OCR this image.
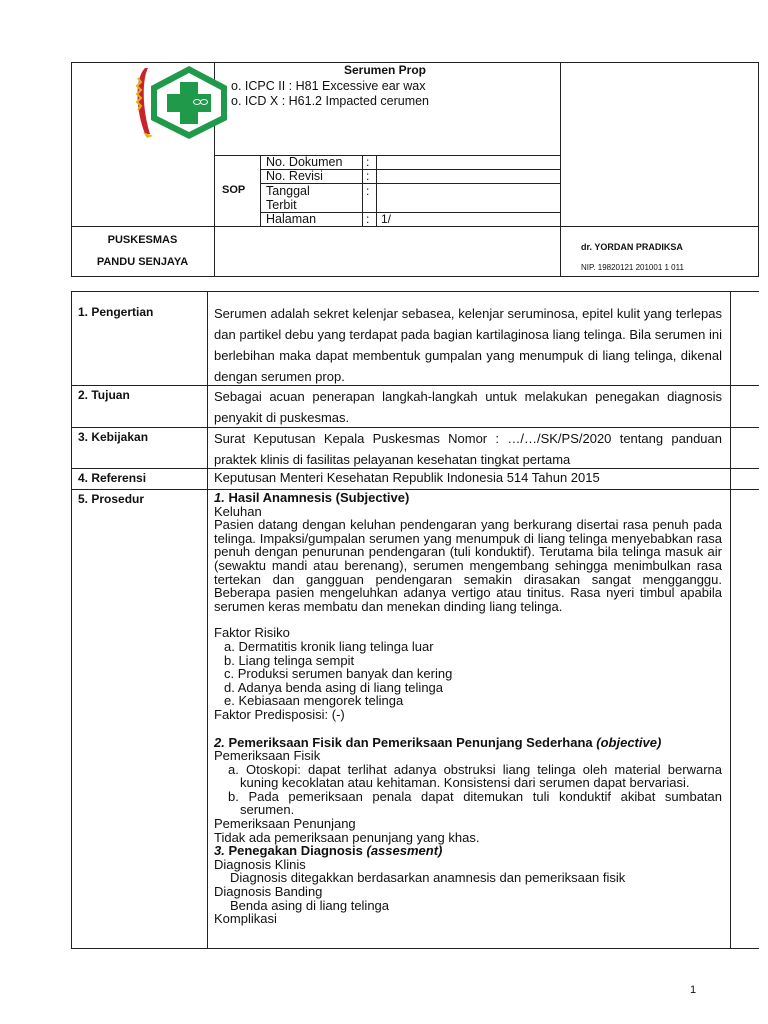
Serumen Prop
o. ICPC II : H81 Excessive ear wax
o. ICD X : H61.2 Impacted cerumen
SOP
No. Dokumen :
No. Revisi	:
Tanggal Terbit
:
Halaman	: 1/
PUSKESMAS
PANDU SENJAYA
dr. YORDAN PRADIKSA
NIP. 19820121 201001 1 011
1. Pengertian
2. Tujuan
3. Kebijakan
4. Referensi
5. Prosedur
Serumen adalah sekret kelenjar sebasea, kelenjar seruminosa, epitel kulit yang terlepas dan partikel debu yang terdapat pada bagian kartilaginosa liang telinga. Bila serumen ini berlebihan maka dapat membentuk gumpalan yang menumpuk di liang telinga, dikenal dengan serumen prop.
Sebagai acuan penerapan langkah-langkah untuk melakukan penegakan diagnosis penyakit di puskesmas.
Surat Keputusan Kepala Puskesmas Nomor : …/…/SK/PS/2020 tentang panduan praktek klinis di fasilitas pelayanan kesehatan tingkat pertama
Keputusan Menteri Kesehatan Republik Indonesia 514 Tahun 2015
1. Hasil Anamnesis (Subjective)
Keluhan
Pasien datang dengan keluhan pendengaran yang berkurang disertai rasa penuh pada telinga. Impaksi/gumpalan serumen yang menumpuk di liang telinga menyebabkan rasa penuh dengan penurunan pendengaran (tuli konduktif). Terutama bila telinga masuk air (sewaktu mandi atau berenang), serumen mengembang sehingga menimbulkan rasa tertekan dan gangguan pendengaran semakin dirasakan sangat mengganggu. Beberapa pasien mengeluhkan adanya vertigo atau tinitus. Rasa nyeri timbul apabila serumen keras membatu dan menekan dinding liang telinga.
Faktor Risiko
a. Dermatitis kronik liang telinga luar
b. Liang telinga sempit
c. Produksi serumen banyak dan kering
d. Adanya benda asing di liang telinga
e. Kebiasaan mengorek telinga
Faktor Predisposisi: (-)
2. Pemeriksaan Fisik dan Pemeriksaan Penunjang Sederhana (objective)
Pemeriksaan Fisik
a. Otoskopi: dapat terlihat adanya obstruksi liang telinga oleh material berwarna kuning kecoklatan atau kehitaman. Konsistensi dari serumen dapat bervariasi.
b. Pada pemeriksaan penala dapat ditemukan tuli konduktif akibat sumbatan serumen.
Pemeriksaan Penunjang
Tidak ada pemeriksaan penunjang yang khas.
3. Penegakan Diagnosis (assesment)
Diagnosis Klinis
Diagnosis ditegakkan berdasarkan anamnesis dan pemeriksaan fisik
Diagnosis Banding
Benda asing di liang telinga
Komplikasi
1
